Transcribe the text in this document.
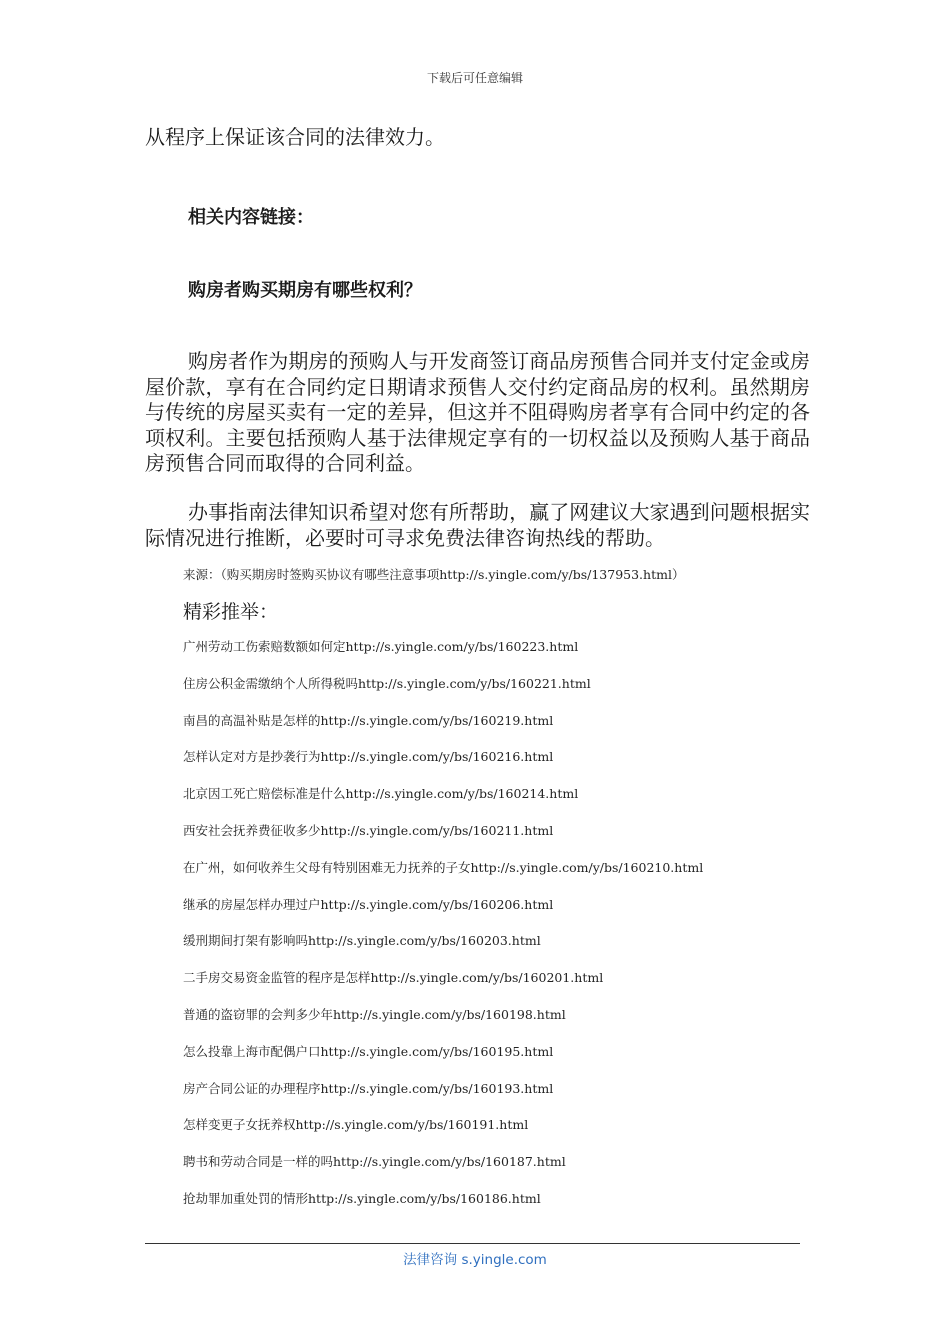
下载后可任意编辑
从程序上保证该合同的法律效力。
相关内容链接：
购房者购买期房有哪些权利？
购房者作为期房的预购人与开发商签订商品房预售合同并支付定金或房屋价款，享有在合同约定日期请求预售人交付约定商品房的权利。虽然期房与传统的房屋买卖有一定的差异，但这并不阻碍购房者享有合同中约定的各项权利。主要包括预购人基于法律规定享有的一切权益以及预购人基于商品房预售合同而取得的合同利益。
办事指南法律知识希望对您有所帮助，赢了网建议大家遇到问题根据实际情况进行推断，必要时可寻求免费法律咨询热线的帮助。
来源：（购买期房时签购买协议有哪些注意事项http://s.yingle.com/y/bs/137953.html）
精彩推举：
广州劳动工伤索赔数额如何定http://s.yingle.com/y/bs/160223.html
住房公积金需缴纳个人所得税吗http://s.yingle.com/y/bs/160221.html
南昌的高温补贴是怎样的http://s.yingle.com/y/bs/160219.html
怎样认定对方是抄袭行为http://s.yingle.com/y/bs/160216.html
北京因工死亡赔偿标准是什么http://s.yingle.com/y/bs/160214.html
西安社会抚养费征收多少http://s.yingle.com/y/bs/160211.html
在广州，如何收养生父母有特别困难无力抚养的子女http://s.yingle.com/y/bs/160210.html
继承的房屋怎样办理过户http://s.yingle.com/y/bs/160206.html
缓刑期间打架有影响吗http://s.yingle.com/y/bs/160203.html
二手房交易资金监管的程序是怎样http://s.yingle.com/y/bs/160201.html
普通的盗窃罪的会判多少年http://s.yingle.com/y/bs/160198.html
怎么投靠上海市配偶户口http://s.yingle.com/y/bs/160195.html
房产合同公证的办理程序http://s.yingle.com/y/bs/160193.html
怎样变更子女抚养权http://s.yingle.com/y/bs/160191.html
聘书和劳动合同是一样的吗http://s.yingle.com/y/bs/160187.html
抢劫罪加重处罚的情形http://s.yingle.com/y/bs/160186.html
法律咨询 s.yingle.com
